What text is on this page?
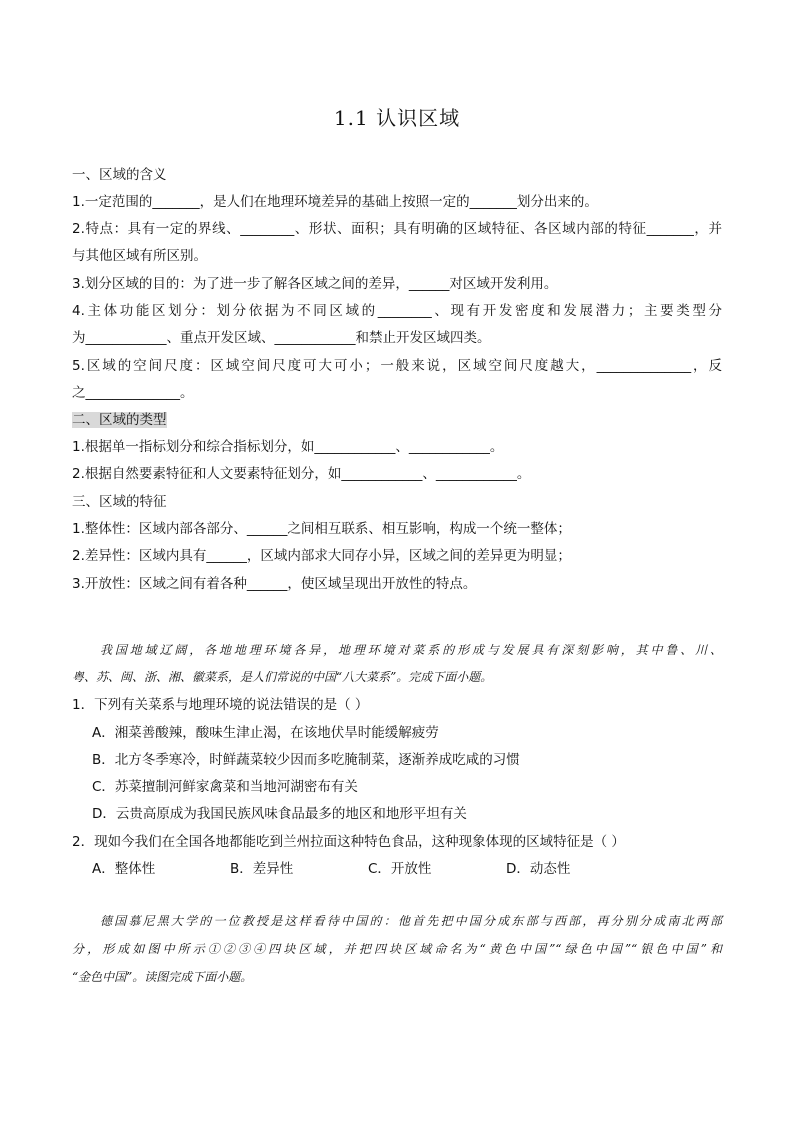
1.1 认识区域
一、区域的含义
1.一定范围的_______，是人们在地理环境差异的基础上按照一定的_______划分出来的。
2.特点：具有一定的界线、________、形状、面积；具有明确的区域特征、各区域内部的特征_______，并
与其他区域有所区别。
3.划分区域的目的：为了进一步了解各区域之间的差异，______对区域开发利用。
4.主体功能区划分：划分依据为不同区域的________、现有开发密度和发展潜力；主要类型分
为____________、重点开发区域、____________和禁止开发区域四类。
5.区域的空间尺度：区域空间尺度可大可小；一般来说，区域空间尺度越大，______________，反
之______________。
二、区域的类型
1.根据单一指标划分和综合指标划分，如____________、____________。
2.根据自然要素特征和人文要素特征划分，如____________、____________。
三、区域的特征
1.整体性：区域内部各部分、______之间相互联系、相互影响，构成一个统一整体；
2.差异性：区域内具有______，区域内部求大同存小异，区域之间的差异更为明显；
3.开放性：区域之间有着各种______，使区域呈现出开放性的特点。
我国地域辽阔，各地地理环境各异，地理环境对菜系的形成与发展具有深刻影响，其中鲁、川、
粤、苏、闽、浙、湘、徽菜系，是人们常说的中国“八大菜系”。完成下面小题。
1．下列有关菜系与地理环境的说法错误的是（ ）
A．湘菜善酸辣，酸味生津止渴，在该地伏旱时能缓解疲劳
B．北方冬季寒冷，时鲜蔬菜较少因而多吃腌制菜，逐渐养成吃咸的习惯
C．苏菜擅制河鲜家禽菜和当地河湖密布有关
D．云贵高原成为我国民族风味食品最多的地区和地形平坦有关
2．现如今我们在全国各地都能吃到兰州拉面这种特色食品，这种现象体现的区域特征是（ ）
A．整体性	B．差异性	C．开放性	D．动态性
德国慕尼黑大学的一位教授是这样看待中国的：他首先把中国分成东部与西部，再分别分成南北两部
分，形成如图中所示①②③④四块区域，并把四块区域命名为“黄色中国”“绿色中国”“银色中国”和
“金色中国”。读图完成下面小题。
